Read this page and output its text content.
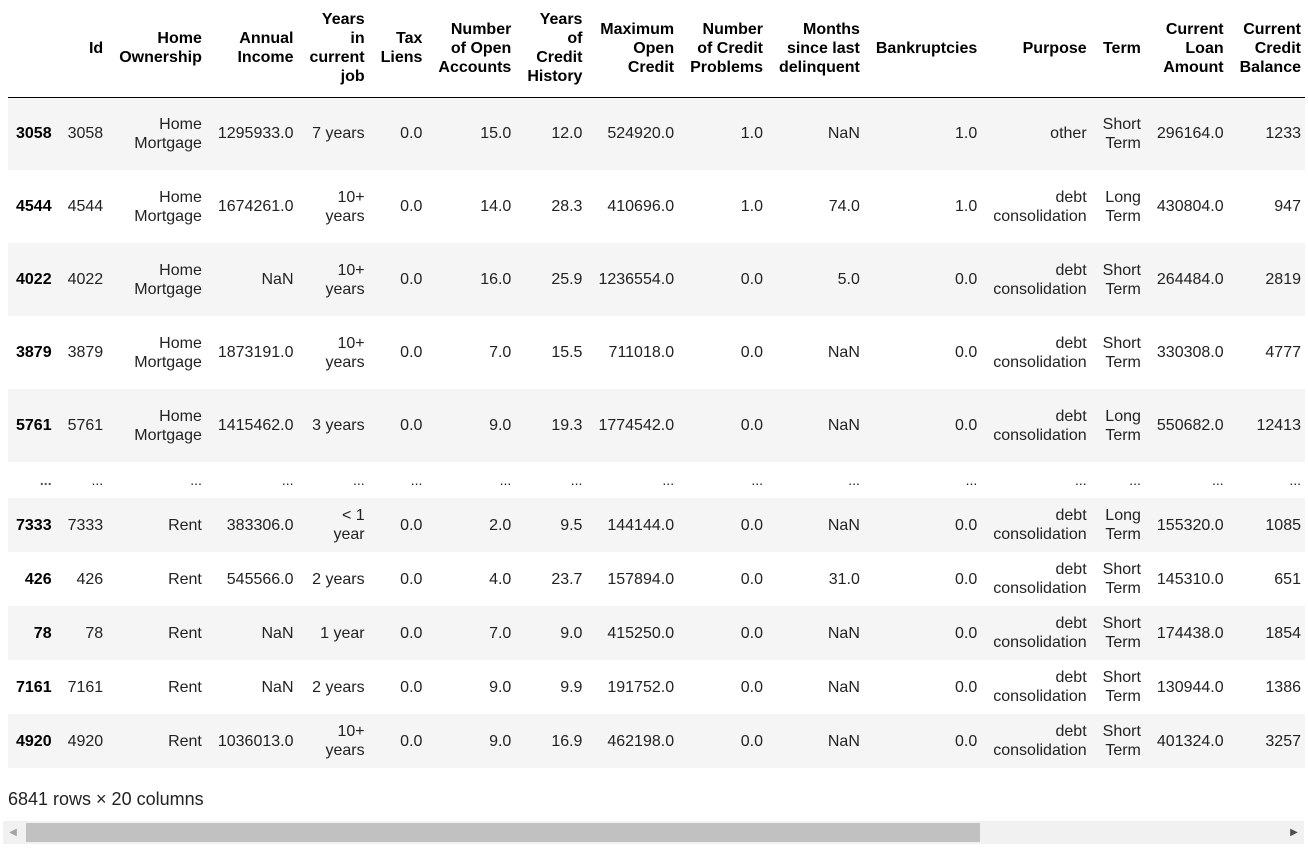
	Id	Home Ownership	Annual Income	Years in current job	Tax Liens	Number of Open Accounts	Years of Credit History	Maximum Open Credit	Number of Credit Problems	Months since last delinquent	Bankruptcies	Purpose	Term	Current Loan Amount	Current Credit Balance
3058	3058	Home Mortgage	1295933.0	7 years	0.0	15.0	12.0	524920.0	1.0	NaN	1.0	other	Short Term	296164.0	1233
4544	4544	Home Mortgage	1674261.0	10+ years	0.0	14.0	28.3	410696.0	1.0	74.0	1.0	debt consolidation	Long Term	430804.0	947
4022	4022	Home Mortgage	NaN	10+ years	0.0	16.0	25.9	1236554.0	0.0	5.0	0.0	debt consolidation	Short Term	264484.0	2819
3879	3879	Home Mortgage	1873191.0	10+ years	0.0	7.0	15.5	711018.0	0.0	NaN	0.0	debt consolidation	Short Term	330308.0	4777
5761	5761	Home Mortgage	1415462.0	3 years	0.0	9.0	19.3	1774542.0	0.0	NaN	0.0	debt consolidation	Long Term	550682.0	12413
...	...	...	...	...	...	...	...	...	...	...	...	...	...	...	...
7333	7333	Rent	383306.0	< 1 year	0.0	2.0	9.5	144144.0	0.0	NaN	0.0	debt consolidation	Long Term	155320.0	1085
426	426	Rent	545566.0	2 years	0.0	4.0	23.7	157894.0	0.0	31.0	0.0	debt consolidation	Short Term	145310.0	651
78	78	Rent	NaN	1 year	0.0	7.0	9.0	415250.0	0.0	NaN	0.0	debt consolidation	Short Term	174438.0	1854
7161	7161	Rent	NaN	2 years	0.0	9.0	9.9	191752.0	0.0	NaN	0.0	debt consolidation	Short Term	130944.0	1386
4920	4920	Rent	1036013.0	10+ years	0.0	9.0	16.9	462198.0	0.0	NaN	0.0	debt consolidation	Short Term	401324.0	3257
6841 rows × 20 columns
◀	▶
